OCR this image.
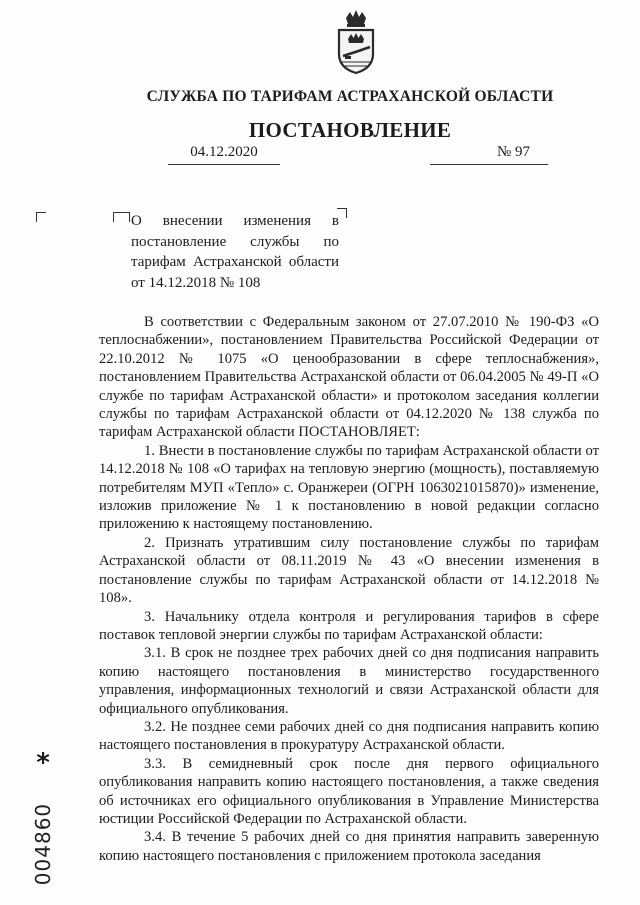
СЛУЖБА ПО ТАРИФАМ АСТРАХАНСКОЙ ОБЛАСТИ
ПОСТАНОВЛЕНИЕ
04.12.2020	№ 97
О внесении изменения в
постановление службы по
тарифам Астраханской области
от 14.12.2018 № 108

В соответствии с Федеральным законом от 27.07.2010 № 190-ФЗ «О теплоснабжении», постановлением Правительства Российской Федерации от 22.10.2012 № 1075 «О ценообразовании в сфере теплоснабжения», постановлением Правительства Астраханской области от 06.04.2005 № 49-П «О службе по тарифам Астраханской области» и протоколом заседания коллегии службы по тарифам Астраханской области от 04.12.2020 № 138 служба по тарифам Астраханской области ПОСТАНОВЛЯЕТ:

1. Внести в постановление службы по тарифам Астраханской области от 14.12.2018 № 108 «О тарифах на тепловую энергию (мощность), поставляемую потребителям МУП «Тепло» с. Оранжереи (ОГРН 1063021015870)» изменение, изложив приложение № 1 к постановлению в новой редакции согласно приложению к настоящему постановлению.

2. Признать утратившим силу постановление службы по тарифам Астраханской области от 08.11.2019 № 43 «О внесении изменения в постановление службы по тарифам Астраханской области от 14.12.2018 № 108».

3. Начальнику отдела контроля и регулирования тарифов в сфере поставок тепловой энергии службы по тарифам Астраханской области:

3.1. В срок не позднее трех рабочих дней со дня подписания направить копию настоящего постановления в министерство государственного управления, информационных технологий и связи Астраханской области для официального опубликования.

3.2. Не позднее семи рабочих дней со дня подписания направить копию настоящего постановления в прокуратуру Астраханской области.

3.3. В семидневный срок после дня первого официального опубликования направить копию настоящего постановления, а также сведения об источниках его официального опубликования в Управление Министерства юстиции Российской Федерации по Астраханской области.

3.4. В течение 5 рабочих дней со дня принятия направить заверенную копию настоящего постановления с приложением протокола заседания

*
004860
